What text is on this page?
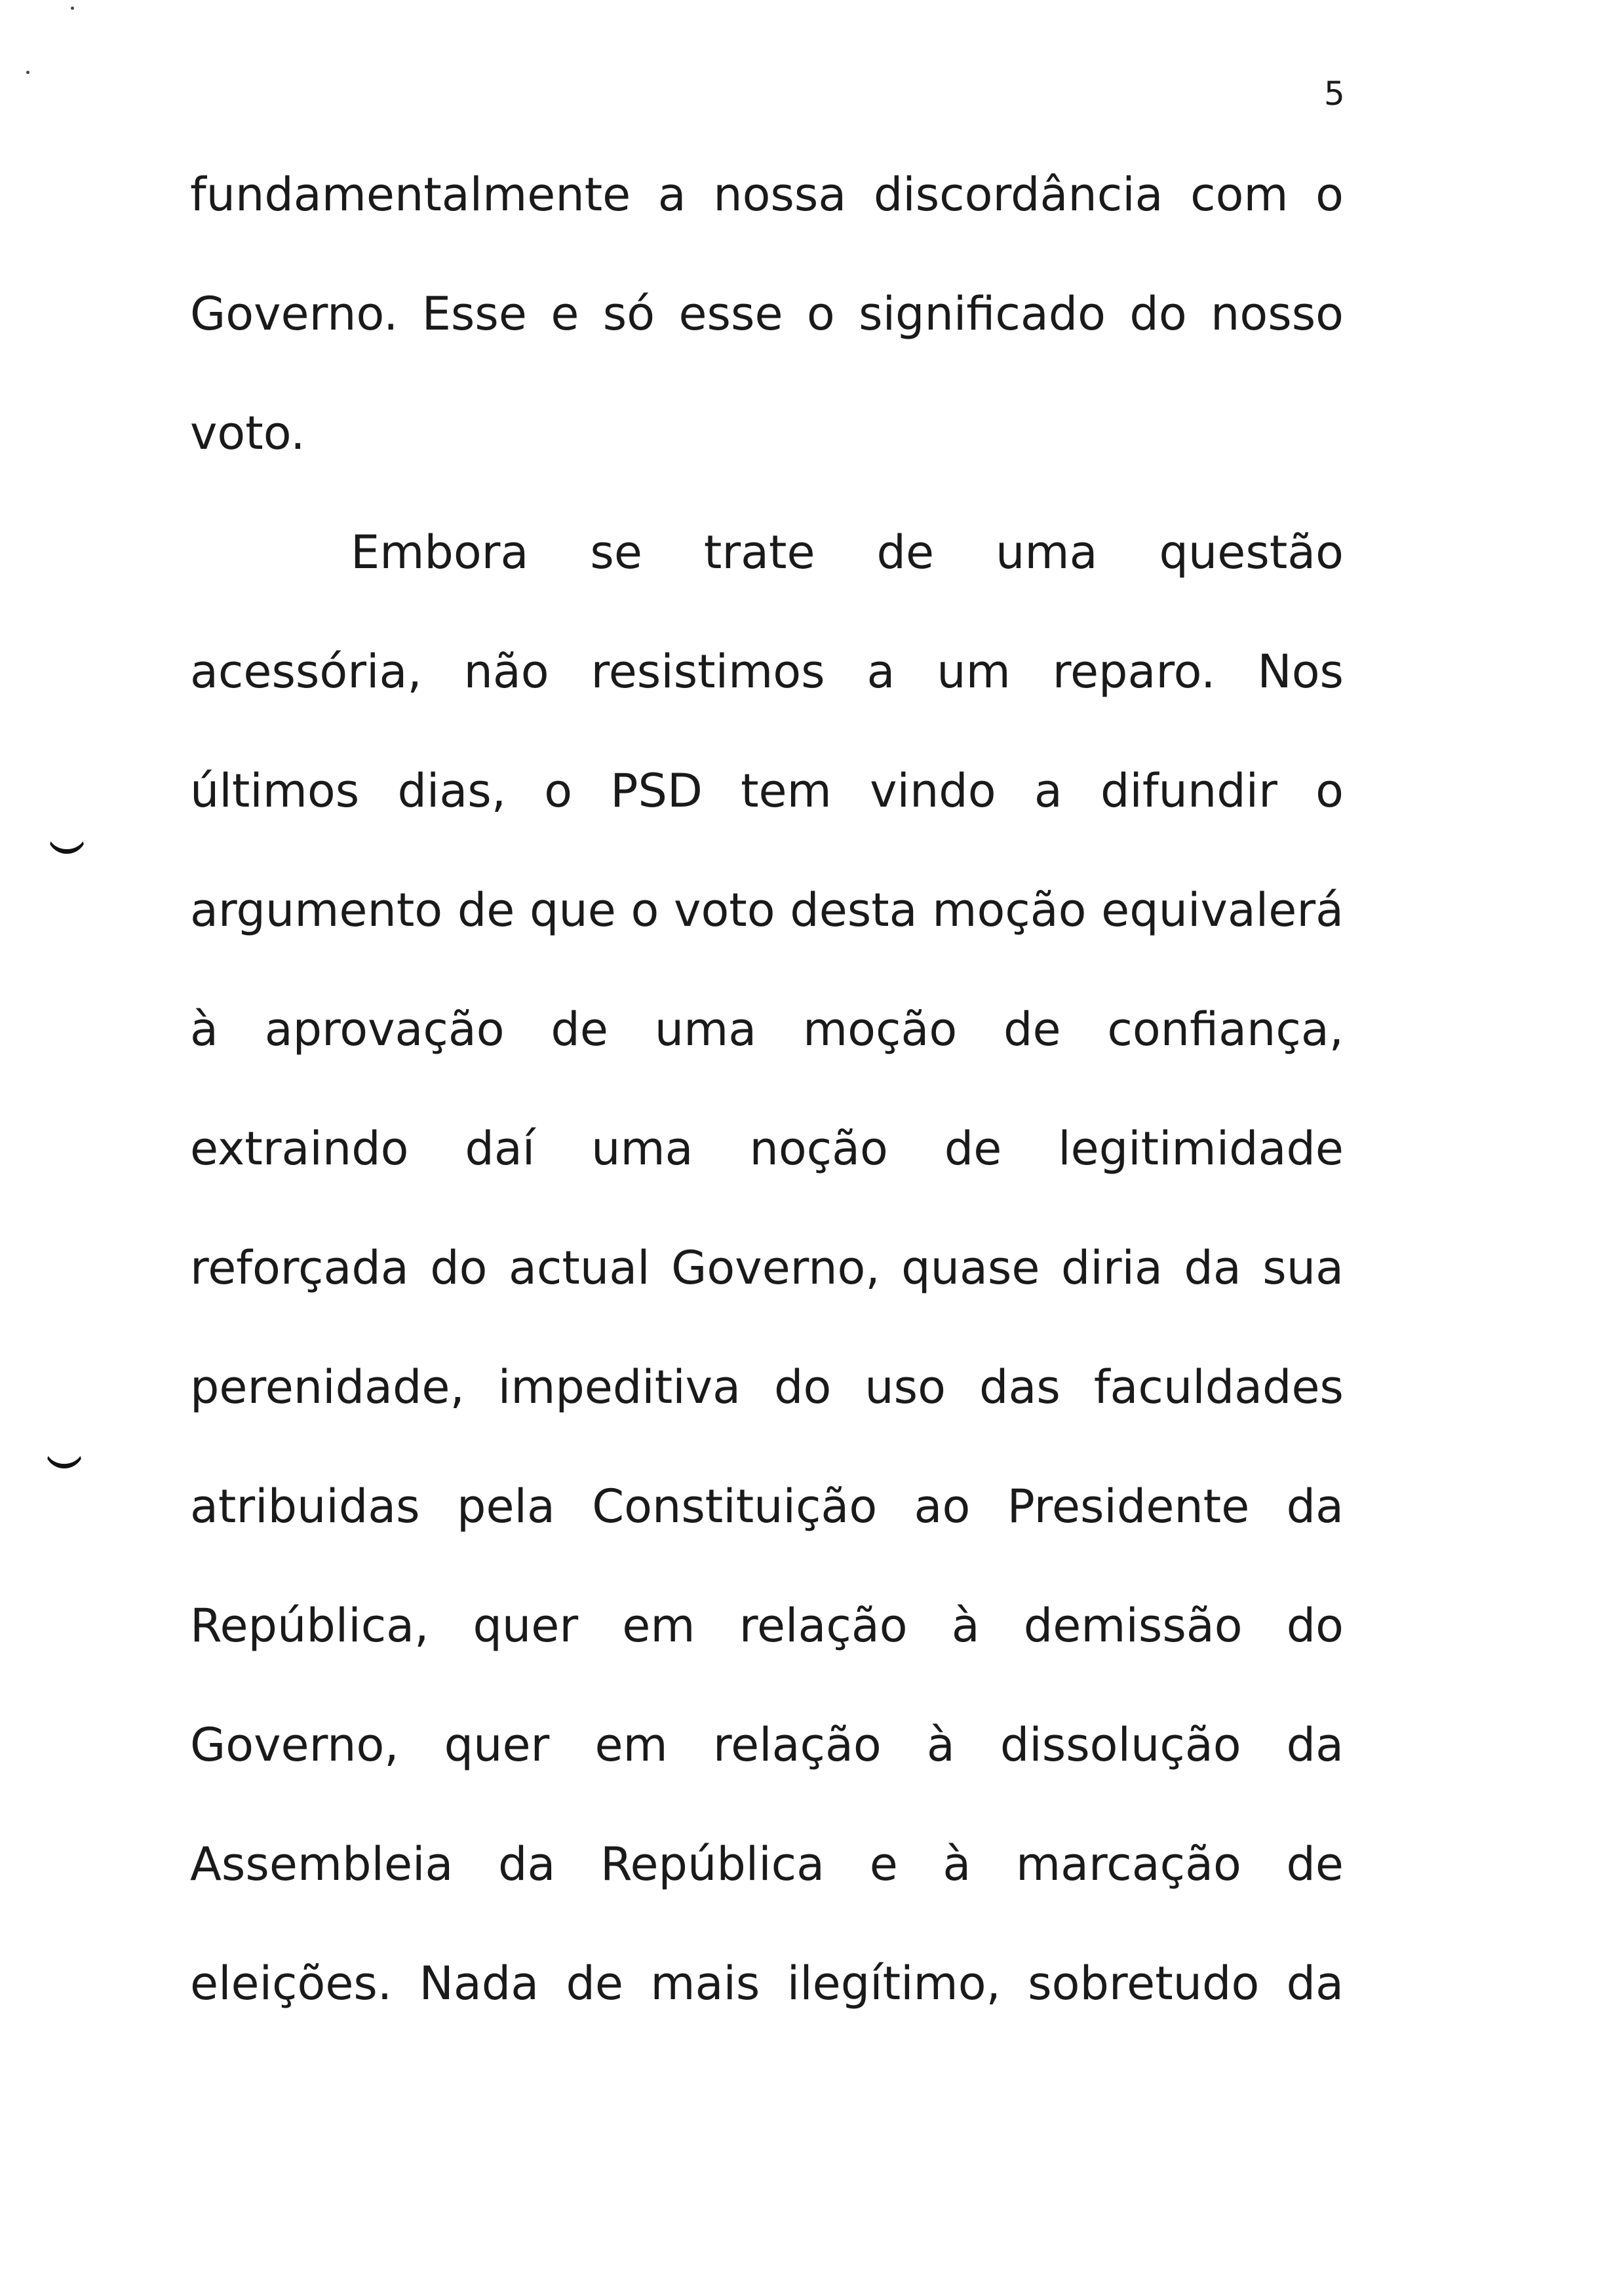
5
fundamentalmente a nossa discordância com o
Governo. Esse e só esse o significado do nosso
voto.
Embora se trate de uma questão
acessória, não resistimos a um reparo. Nos
últimos dias, o PSD tem vindo a difundir o
argumento de que o voto desta moção equivalerá
à aprovação de uma moção de confiança,
extraindo daí uma noção de legitimidade
reforçada do actual Governo, quase diria da sua
perenidade, impeditiva do uso das faculdades
atribuidas pela Constituição ao Presidente da
República, quer em relação à demissão do
Governo, quer em relação à dissolução da
Assembleia da República e à marcação de
eleições. Nada de mais ilegítimo, sobretudo da
